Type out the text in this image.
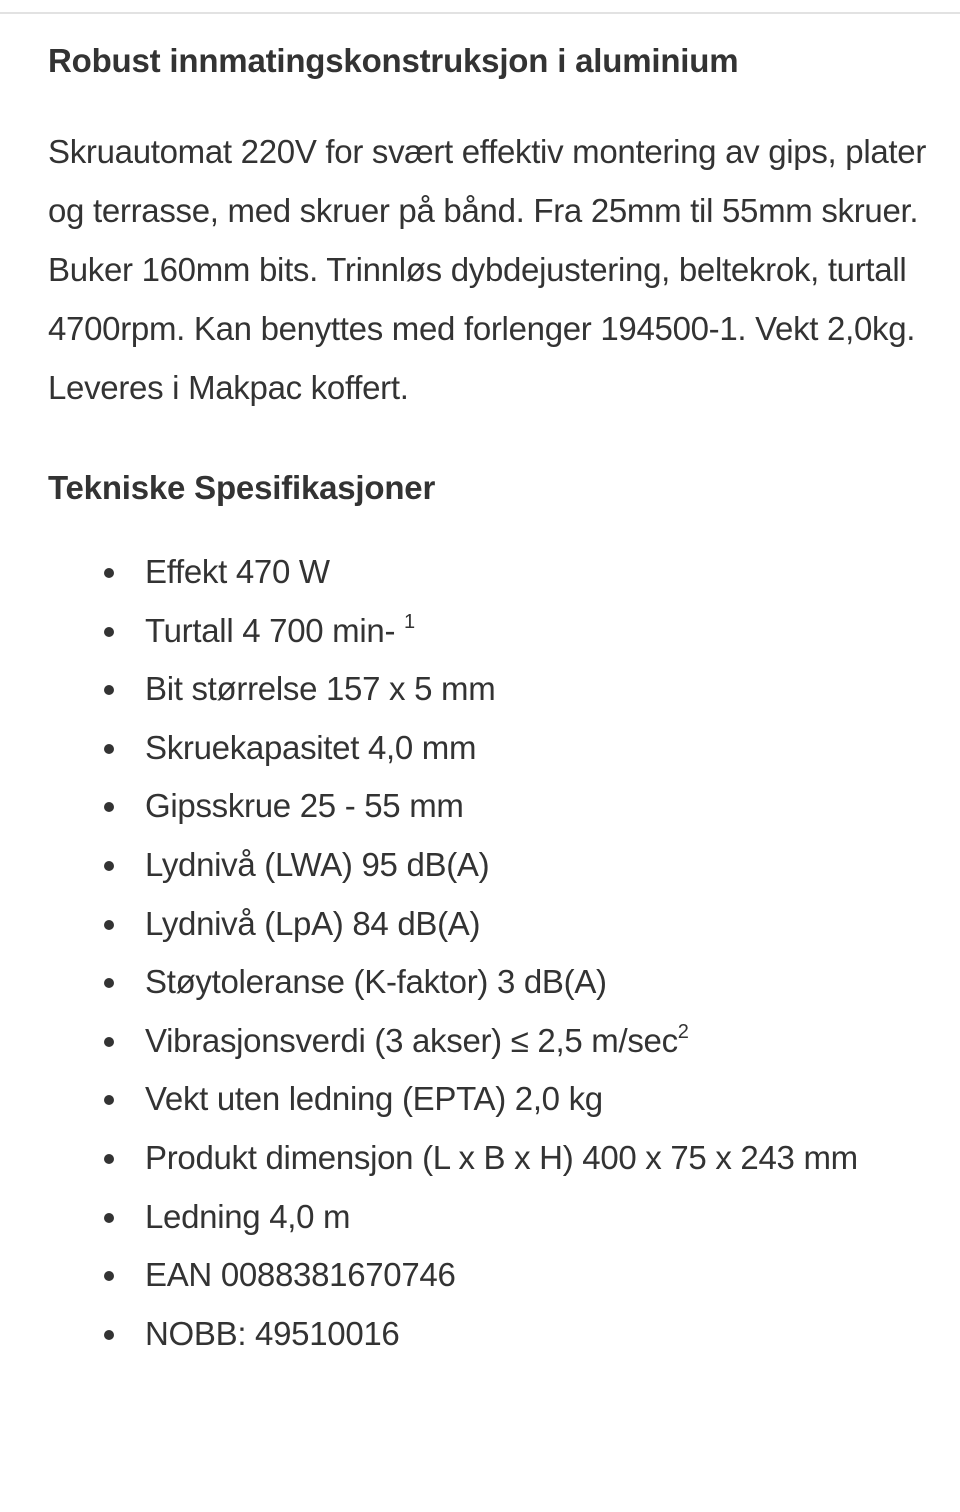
Robust innmatingskonstruksjon i aluminium

Skruautomat 220V for svært effektiv montering av gips, plater og terrasse, med skruer på bånd. Fra 25mm til 55mm skruer. Buker 160mm bits. Trinnløs dybdejustering, beltekrok, turtall 4700rpm. Kan benyttes med forlenger 194500-1. Vekt 2,0kg. Leveres i Makpac koffert.

Tekniske Spesifikasjoner
Effekt 470 W
Turtall 4 700 min- $^1$
Bit størrelse 157 x 5 mm
Skruekapasitet 4,0 mm
Gipsskrue 25 - 55 mm
Lydnivå (LWA) 95 dB(A)
Lydnivå (LpA) 84 dB(A)
Støytoleranse (K-faktor) 3 dB(A)
Vibrasjonsverdi (3 akser) ≤ 2,5 $m/\sec^2$
Vekt uten ledning (EPTA) 2,0 kg
Produkt dimensjon (L x B x H) 400 x 75 x 243 mm
Ledning 4,0 m
EAN 0088381670746
NOBB: 49510016
